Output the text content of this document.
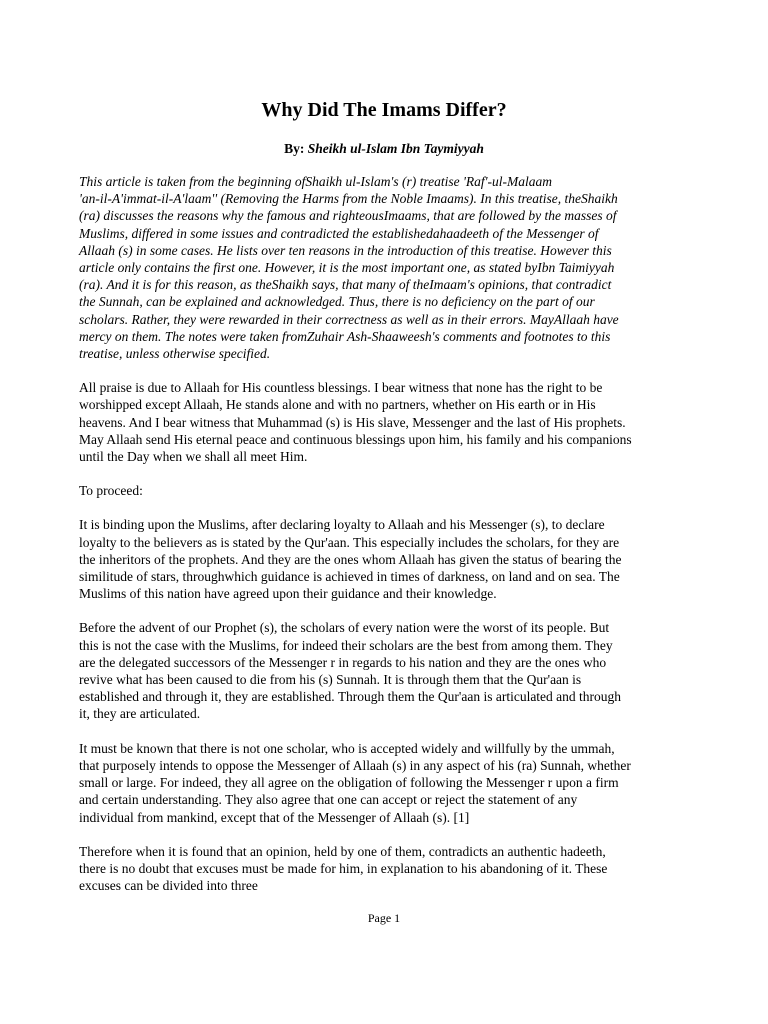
Why Did The Imams Differ?

By: Sheikh ul-Islam Ibn Taymiyyah

This article is taken from the beginning ofShaikh ul-Islam's (r) treatise 'Raf'-ul-Malaam
'an-il-A'immat-il-A'laam'' (Removing the Harms from the Noble Imaams). In this treatise, theShaikh
(ra) discusses the reasons why the famous and righteousImaams, that are followed by the masses of
Muslims, differed in some issues and contradicted the establishedahaadeeth of the Messenger of
Allaah (s) in some cases. He lists over ten reasons in the introduction of this treatise. However this
article only contains the first one. However, it is the most important one, as stated byIbn Taimiyyah
(ra). And it is for this reason, as theShaikh says, that many of theImaam's opinions, that contradict
the Sunnah, can be explained and acknowledged. Thus, there is no deficiency on the part of our
scholars. Rather, they were rewarded in their correctness as well as in their errors. MayAllaah have
mercy on them. The notes were taken fromZuhair Ash-Shaaweesh's comments and footnotes to this
treatise, unless otherwise specified.

All praise is due to Allaah for His countless blessings. I bear witness that none has the right to be
worshipped except Allaah, He stands alone and with no partners, whether on His earth or in His
heavens. And I bear witness that Muhammad (s) is His slave, Messenger and the last of His prophets.
May Allaah send His eternal peace and continuous blessings upon him, his family and his companions
until the Day when we shall all meet Him.

To proceed:

It is binding upon the Muslims, after declaring loyalty to Allaah and his Messenger (s), to declare
loyalty to the believers as is stated by the Qur'aan. This especially includes the scholars, for they are
the inheritors of the prophets. And they are the ones whom Allaah has given the status of bearing the
similitude of stars, throughwhich guidance is achieved in times of darkness, on land and on sea. The
Muslims of this nation have agreed upon their guidance and their knowledge.

Before the advent of our Prophet (s), the scholars of every nation were the worst of its people. But
this is not the case with the Muslims, for indeed their scholars are the best from among them. They
are the delegated successors of the Messenger r in regards to his nation and they are the ones who
revive what has been caused to die from his (s) Sunnah. It is through them that the Qur'aan is
established and through it, they are established. Through them the Qur'aan is articulated and through
it, they are articulated.

It must be known that there is not one scholar, who is accepted widely and willfully by the ummah,
that purposely intends to oppose the Messenger of Allaah (s) in any aspect of his (ra) Sunnah, whether
small or large. For indeed, they all agree on the obligation of following the Messenger r upon a firm
and certain understanding. They also agree that one can accept or reject the statement of any
individual from mankind, except that of the Messenger of Allaah (s). [1]

Therefore when it is found that an opinion, held by one of them, contradicts an authentic hadeeth,
there is no doubt that excuses must be made for him, in explanation to his abandoning of it. These
excuses can be divided into three

Page 1
